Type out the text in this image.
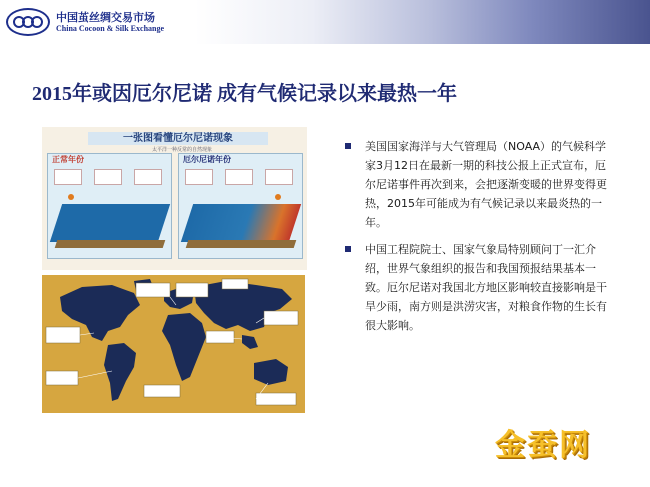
中国茧丝绸交易市场
China Cocoon & Silk Exchange
2015年或因厄尔尼诺 成有气候记录以来最热一年
一张图看懂厄尔尼诺现象
太平洋一种反常的自然现象
正常年份	厄尔尼诺年份
美国国家海洋与大气管理局（NOAA）的气候科学家3月12日在最新一期的科技公报上正式宣布，厄尔尼诺事件再次到来，会把逐渐变暖的世界变得更热，2015年可能成为有气候记录以来最炎热的一年。
中国工程院院士、国家气象局特别顾问丁一汇介绍，世界气象组织的报告和我国预报结果基本一致。厄尔尼诺对我国北方地区影响较直接影响是干旱少雨，南方则是洪涝灾害，对粮食作物的生长有很大影响。
金蚕网
